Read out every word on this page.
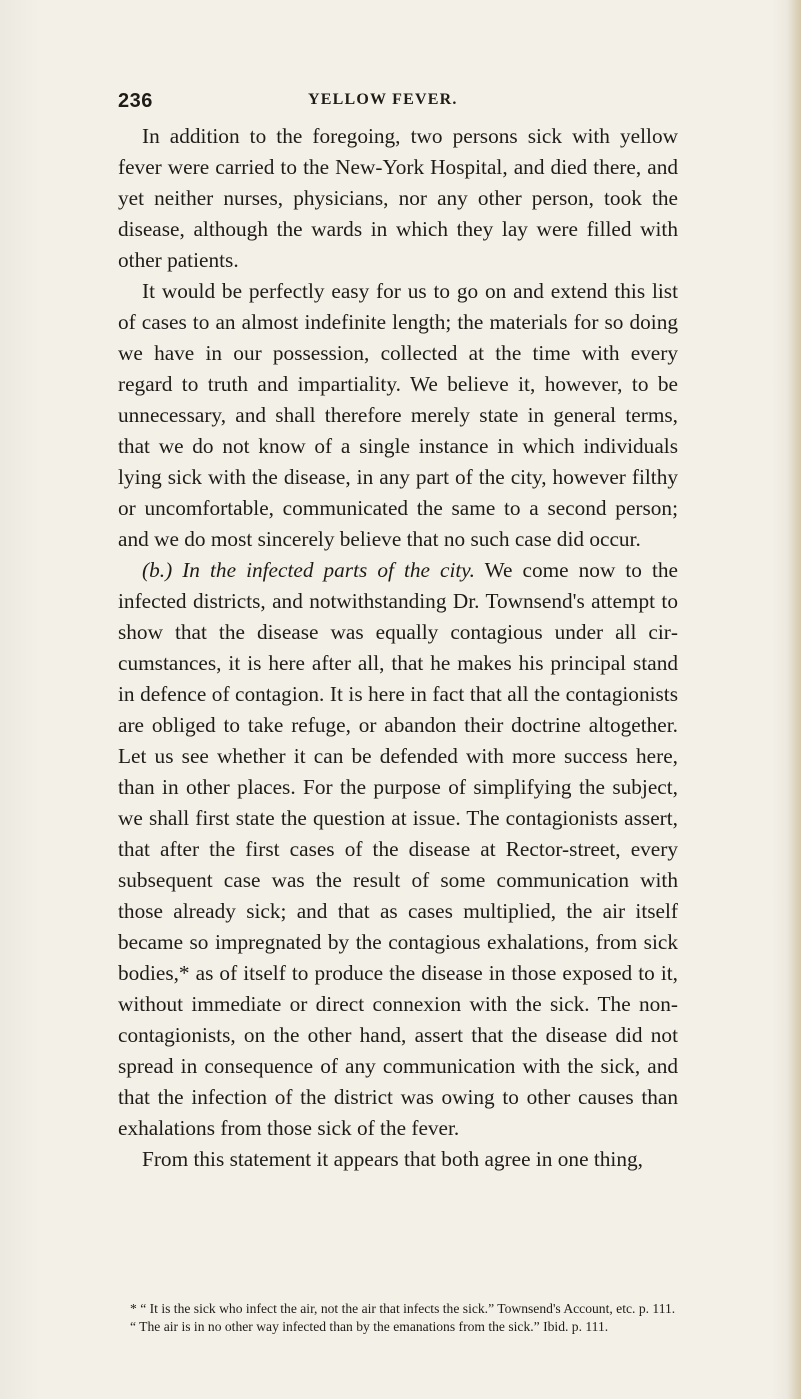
236	YELLOW FEVER.

In addition to the foregoing, two persons sick with yellow fever were carried to the New-York Hospital, and died there, and yet neither nurses, physicians, nor any other person, took the disease, although the wards in which they lay were filled with other patients.

It would be perfectly easy for us to go on and extend this list of cases to an almost indefinite length; the materials for so doing we have in our possession, collected at the time with every regard to truth and impartiality. We believe it, however, to be unnecessary, and shall therefore merely state in general terms, that we do not know of a single instance in which individuals lying sick with the disease, in any part of the city, however filthy or uncomfortable, communicated the same to a second person; and we do most sincerely believe that no such case did occur.

(b.) In the infected parts of the city. We come now to the infected districts, and notwithstanding Dr. Townsend's attempt to show that the disease was equally contagious under all circumstances, it is here after all, that he makes his principal stand in defence of contagion. It is here in fact that all the contagionists are obliged to take refuge, or abandon their doctrine altogether. Let us see whether it can be defended with more success here, than in other places. For the purpose of simplifying the subject, we shall first state the question at issue. The contagionists assert, that after the first cases of the disease at Rector-street, every subsequent case was the result of some communication with those already sick; and that as cases multiplied, the air itself became so impregnated by the contagious exhalations, from sick bodies,* as of itself to produce the disease in those exposed to it, without immediate or direct connexion with the sick. The non-contagionists, on the other hand, assert that the disease did not spread in consequence of any communication with the sick, and that the infection of the district was owing to other causes than exhalations from those sick of the fever.

From this statement it appears that both agree in one thing,

* “ It is the sick who infect the air, not the air that infects the sick.” Townsend's Account, etc. p. 111.

“ The air is in no other way infected than by the emanations from the sick.” Ibid. p. 111.
